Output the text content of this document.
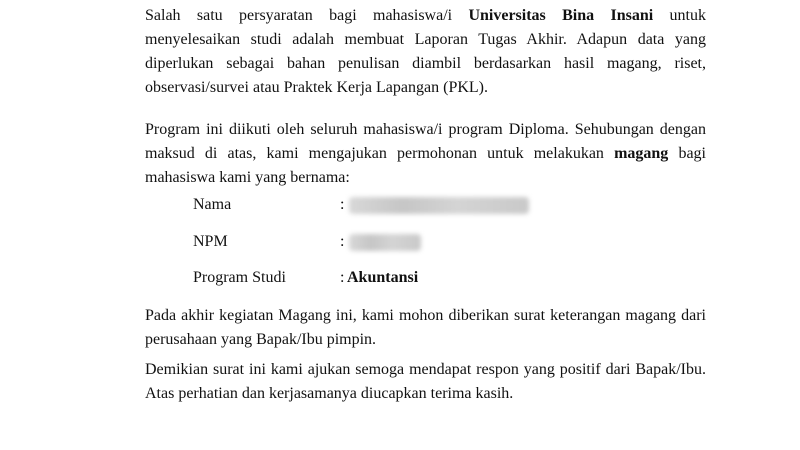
Salah satu persyaratan bagi mahasiswa/i Universitas Bina Insani untuk menyelesaikan studi adalah membuat Laporan Tugas Akhir. Adapun data yang diperlukan sebagai bahan penulisan diambil berdasarkan hasil magang, riset, observasi/survei atau Praktek Kerja Lapangan (PKL).

Program ini diikuti oleh seluruh mahasiswa/i program Diploma. Sehubungan dengan maksud di atas, kami mengajukan permohonan untuk melakukan magang bagi mahasiswa kami yang bernama:

Nama	:
NPM	:
Program Studi	: Akuntansi

Pada akhir kegiatan Magang ini, kami mohon diberikan surat keterangan magang dari perusahaan yang Bapak/Ibu pimpin.

Demikian surat ini kami ajukan semoga mendapat respon yang positif dari Bapak/Ibu. Atas perhatian dan kerjasamanya diucapkan terima kasih.
